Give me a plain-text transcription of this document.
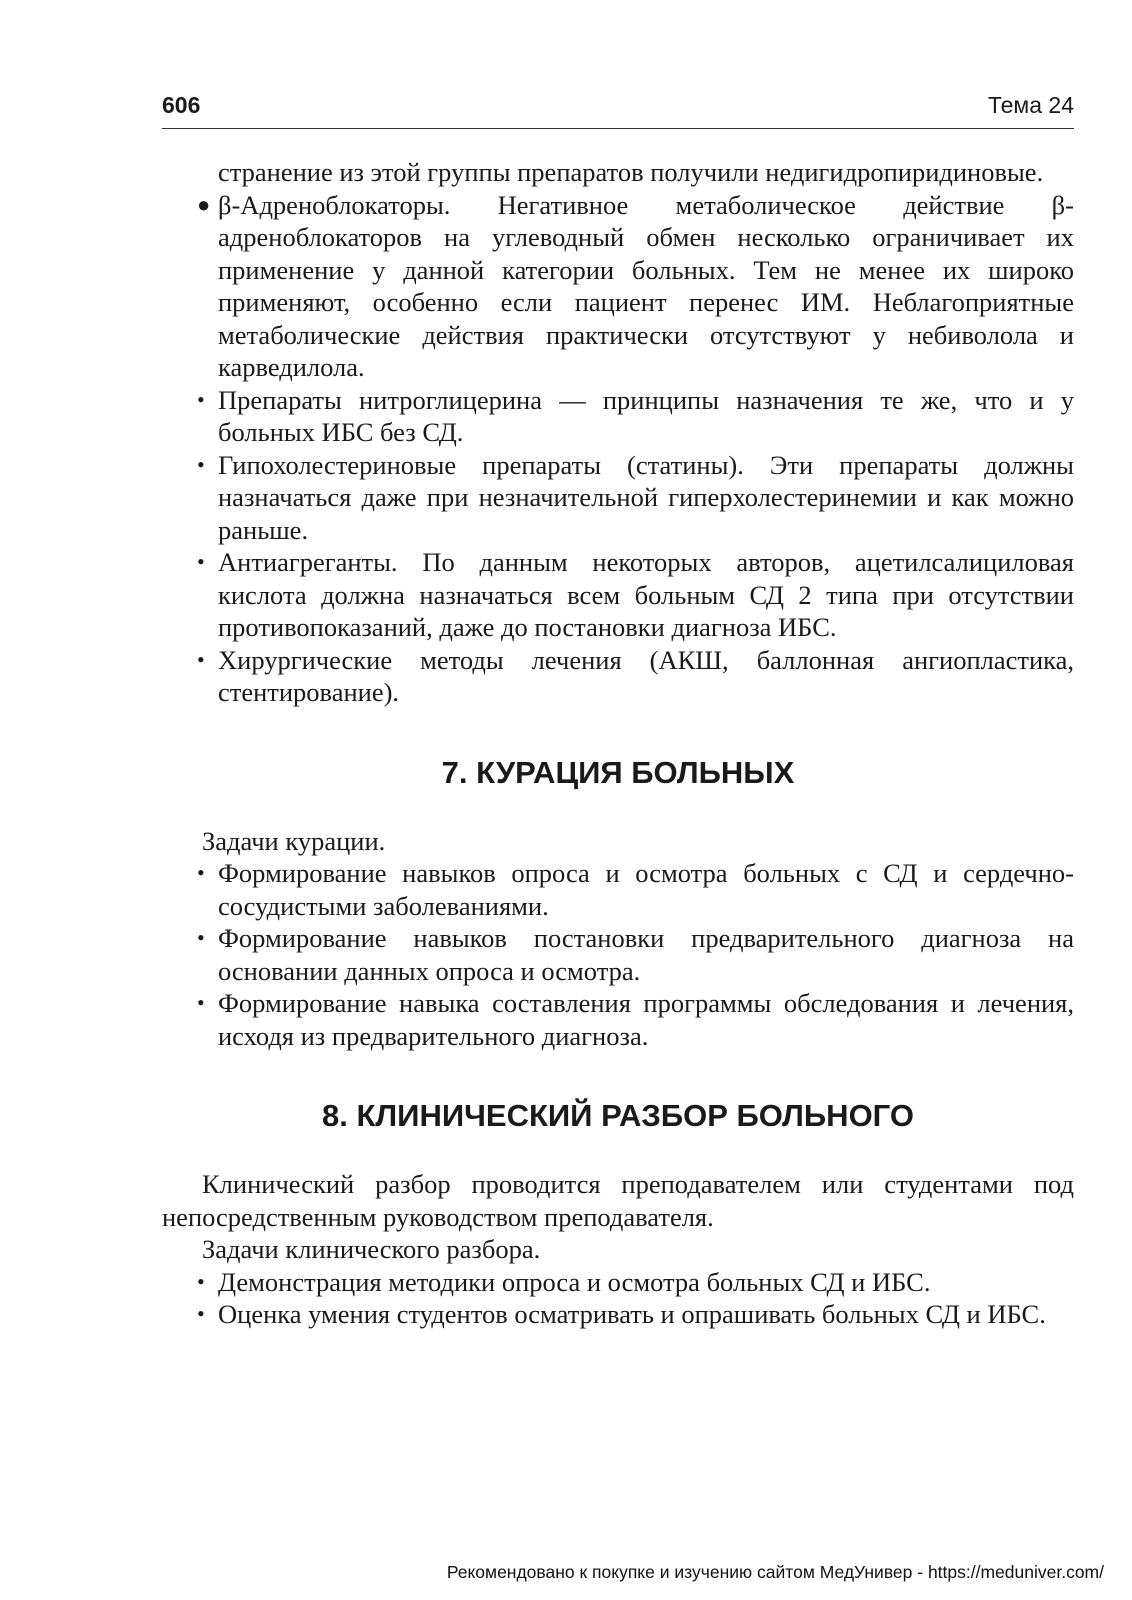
606	Тема 24

странение из этой группы препаратов получили недигидропиридиновые.

● β-Адреноблокаторы. Негативное метаболическое действие β-адреноблокаторов на углеводный обмен несколько ограничивает их применение у данной категории больных. Тем не менее их широко применяют, особенно если пациент перенес ИМ. Неблагоприятные метаболические действия практически отсутствуют у небиволола и карведилола.
• Препараты нитроглицерина — принципы назначения те же, что и у больных ИБС без СД.
• Гипохолестериновые препараты (статины). Эти препараты должны назначаться даже при незначительной гиперхолестеринемии и как можно раньше.
• Антиагреганты. По данным некоторых авторов, ацетилсалициловая кислота должна назначаться всем больным СД 2 типа при отсутствии противопоказаний, даже до постановки диагноза ИБС.
• Хирургические методы лечения (АКШ, баллонная ангиопластика, стентирование).
7. КУРАЦИЯ БОЛЬНЫХ

Задачи курации.

• Формирование навыков опроса и осмотра больных с СД и сердечно-сосудистыми заболеваниями.
• Формирование навыков постановки предварительного диагноза на основании данных опроса и осмотра.
• Формирование навыка составления программы обследования и лечения, исходя из предварительного диагноза.
8. КЛИНИЧЕСКИЙ РАЗБОР БОЛЬНОГО

Клинический разбор проводится преподавателем или студентами под непосредственным руководством преподавателя.

Задачи клинического разбора.

• Демонстрация методики опроса и осмотра больных СД и ИБС.
• Оценка умения студентов осматривать и опрашивать больных СД и ИБС.
Рекомендовано к покупке и изучению сайтом МедУнивер - https://meduniver.com/
